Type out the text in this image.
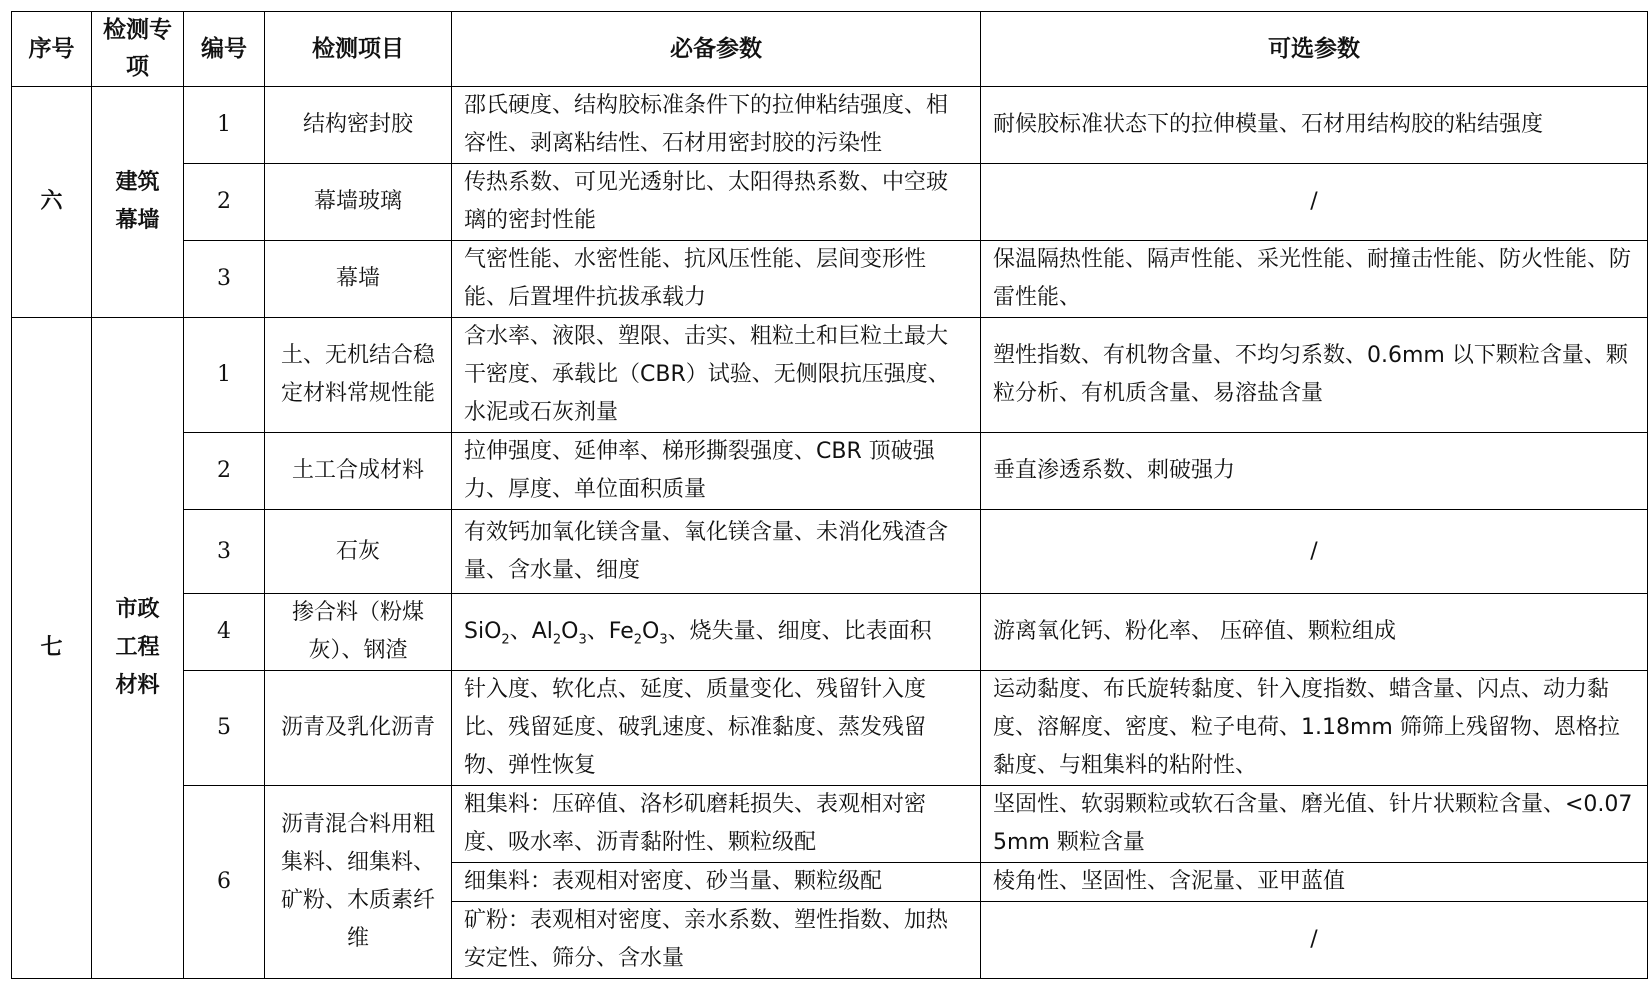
序号	检测专项	编号	检测项目	必备参数	可选参数
六	建筑幕墙	1	结构密封胶	邵氏硬度、结构胶标准条件下的拉伸粘结强度、相容性、剥离粘结性、石材用密封胶的污染性	耐候胶标准状态下的拉伸模量、石材用结构胶的粘结强度
		2	幕墙玻璃	传热系数、可见光透射比、太阳得热系数、中空玻璃的密封性能	/
		3	幕墙	气密性能、水密性能、抗风压性能、层间变形性能、后置埋件抗拔承载力	保温隔热性能、隔声性能、采光性能、耐撞击性能、防火性能、防雷性能、
七	市政工程材料	1	土、无机结合稳定材料常规性能	含水率、液限、塑限、击实、粗粒土和巨粒土最大干密度、承载比（CBR）试验、无侧限抗压强度、水泥或石灰剂量	塑性指数、有机物含量、不均匀系数、0.6mm 以下颗粒含量、颗粒分析、有机质含量、易溶盐含量
		2	土工合成材料	拉伸强度、延伸率、梯形撕裂强度、CBR 顶破强力、厚度、单位面积质量	垂直渗透系数、刺破强力
		3	石灰	有效钙加氧化镁含量、氧化镁含量、未消化残渣含量、含水量、细度	/
		4	掺合料（粉煤灰）、钢渣	SiO$_2$、$Al_2O_3$、$Fe_2O_3$、烧失量、细度、比表面积	游离氧化钙、粉化率、 压碎值、颗粒组成
		5	沥青及乳化沥青	针入度、软化点、延度、质量变化、残留针入度比、残留延度、破乳速度、标准黏度、蒸发残留物、弹性恢复	运动黏度、布氏旋转黏度、针入度指数、蜡含量、闪点、动力黏度、溶解度、密度、粒子电荷、1.18mm 筛筛上残留物、恩格拉黏度、与粗集料的粘附性、
		6	沥青混合料用粗集料、细集料、矿粉、木质素纤维	粗集料：压碎值、洛杉矶磨耗损失、表观相对密度、吸水率、沥青黏附性、颗粒级配	坚固性、软弱颗粒或软石含量、磨光值、针片状颗粒含量、<0.075mm 颗粒含量
				细集料：表观相对密度、砂当量、颗粒级配	棱角性、坚固性、含泥量、亚甲蓝值
				矿粉：表观相对密度、亲水系数、塑性指数、加热安定性、筛分、含水量	/
